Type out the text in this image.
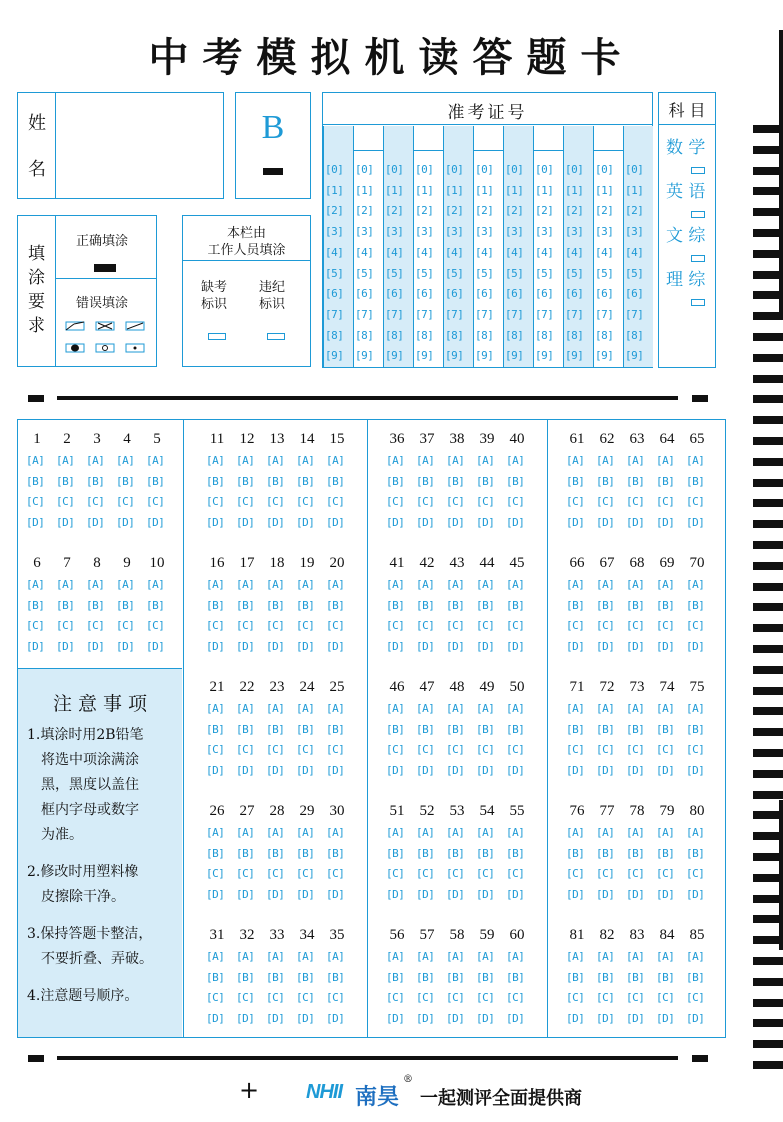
中考模拟机读答题卡
姓
名
B	准考证号
[0]
[1]
[2]
[3]
[4]
[5]
[6]
[7]
[8]
[9]
[0]
[1]
[2]
[3]
[4]
[5]
[6]
[7]
[8]
[9]
[0]
[1]
[2]
[3]
[4]
[5]
[6]
[7]
[8]
[9]
[0]
[1]
[2]
[3]
[4]
[5]
[6]
[7]
[8]
[9]
[0]
[1]
[2]
[3]
[4]
[5]
[6]
[7]
[8]
[9]
[0]
[1]
[2]
[3]
[4]
[5]
[6]
[7]
[8]
[9]
[0]
[1]
[2]
[3]
[4]
[5]
[6]
[7]
[8]
[9]
[0]
[1]
[2]
[3]
[4]
[5]
[6]
[7]
[8]
[9]
[0]
[1]
[2]
[3]
[4]
[5]
[6]
[7]
[8]
[9]
[0]
[1]
[2]
[3]
[4]
[5]
[6]
[7]
[8]
[9]
[0]
[1]
[2]
[3]
[4]
[5]
[6]
[7]
[8]
[9]
科 目
数 学
英 语
文 综
理 综
填涂要求
正确填涂
错误填涂
本栏由
工作人员填涂
缺考
标识
违纪
标识
注 意 事 项
1.填涂时用2B铅笔
将选中项涂满涂
黑，黑度以盖住
框内字母或数字
为准。
2.修改时用塑料橡
皮擦除干净。
3.保持答题卡整洁，
不要折叠、弄破。
4.注意题号顺序。
1
[A]
[B]
[C]
[D]
2
[A]
[B]
[C]
[D]
3
[A]
[B]
[C]
[D]
4
[A]
[B]
[C]
[D]
5
[A]
[B]
[C]
[D]
6
[A]
[B]
[C]
[D]
7
[A]
[B]
[C]
[D]
8
[A]
[B]
[C]
[D]
9
[A]
[B]
[C]
[D]
10
[A]
[B]
[C]
[D]
11
[A]
[B]
[C]
[D]
12
[A]
[B]
[C]
[D]
13
[A]
[B]
[C]
[D]
14
[A]
[B]
[C]
[D]
15
[A]
[B]
[C]
[D]
16
[A]
[B]
[C]
[D]
17
[A]
[B]
[C]
[D]
18
[A]
[B]
[C]
[D]
19
[A]
[B]
[C]
[D]
20
[A]
[B]
[C]
[D]
21
[A]
[B]
[C]
[D]
22
[A]
[B]
[C]
[D]
23
[A]
[B]
[C]
[D]
24
[A]
[B]
[C]
[D]
25
[A]
[B]
[C]
[D]
26
[A]
[B]
[C]
[D]
27
[A]
[B]
[C]
[D]
28
[A]
[B]
[C]
[D]
29
[A]
[B]
[C]
[D]
30
[A]
[B]
[C]
[D]
31
[A]
[B]
[C]
[D]
32
[A]
[B]
[C]
[D]
33
[A]
[B]
[C]
[D]
34
[A]
[B]
[C]
[D]
35
[A]
[B]
[C]
[D]
36
[A]
[B]
[C]
[D]
37
[A]
[B]
[C]
[D]
38
[A]
[B]
[C]
[D]
39
[A]
[B]
[C]
[D]
40
[A]
[B]
[C]
[D]
41
[A]
[B]
[C]
[D]
42
[A]
[B]
[C]
[D]
43
[A]
[B]
[C]
[D]
44
[A]
[B]
[C]
[D]
45
[A]
[B]
[C]
[D]
46
[A]
[B]
[C]
[D]
47
[A]
[B]
[C]
[D]
48
[A]
[B]
[C]
[D]
49
[A]
[B]
[C]
[D]
50
[A]
[B]
[C]
[D]
51
[A]
[B]
[C]
[D]
52
[A]
[B]
[C]
[D]
53
[A]
[B]
[C]
[D]
54
[A]
[B]
[C]
[D]
55
[A]
[B]
[C]
[D]
56
[A]
[B]
[C]
[D]
57
[A]
[B]
[C]
[D]
58
[A]
[B]
[C]
[D]
59
[A]
[B]
[C]
[D]
60
[A]
[B]
[C]
[D]
61
[A]
[B]
[C]
[D]
62
[A]
[B]
[C]
[D]
63
[A]
[B]
[C]
[D]
64
[A]
[B]
[C]
[D]
65
[A]
[B]
[C]
[D]
66
[A]
[B]
[C]
[D]
67
[A]
[B]
[C]
[D]
68
[A]
[B]
[C]
[D]
69
[A]
[B]
[C]
[D]
70
[A]
[B]
[C]
[D]
71
[A]
[B]
[C]
[D]
72
[A]
[B]
[C]
[D]
73
[A]
[B]
[C]
[D]
74
[A]
[B]
[C]
[D]
75
[A]
[B]
[C]
[D]
76
[A]
[B]
[C]
[D]
77
[A]
[B]
[C]
[D]
78
[A]
[B]
[C]
[D]
79
[A]
[B]
[C]
[D]
80
[A]
[B]
[C]
[D]
81
[A]
[B]
[C]
[D]
82
[A]
[B]
[C]
[D]
83
[A]
[B]
[C]
[D]
84
[A]
[B]
[C]
[D]
85
[A]
[B]
[C]
[D]
+ NHII 南昊
®
一起测评全面提供商
